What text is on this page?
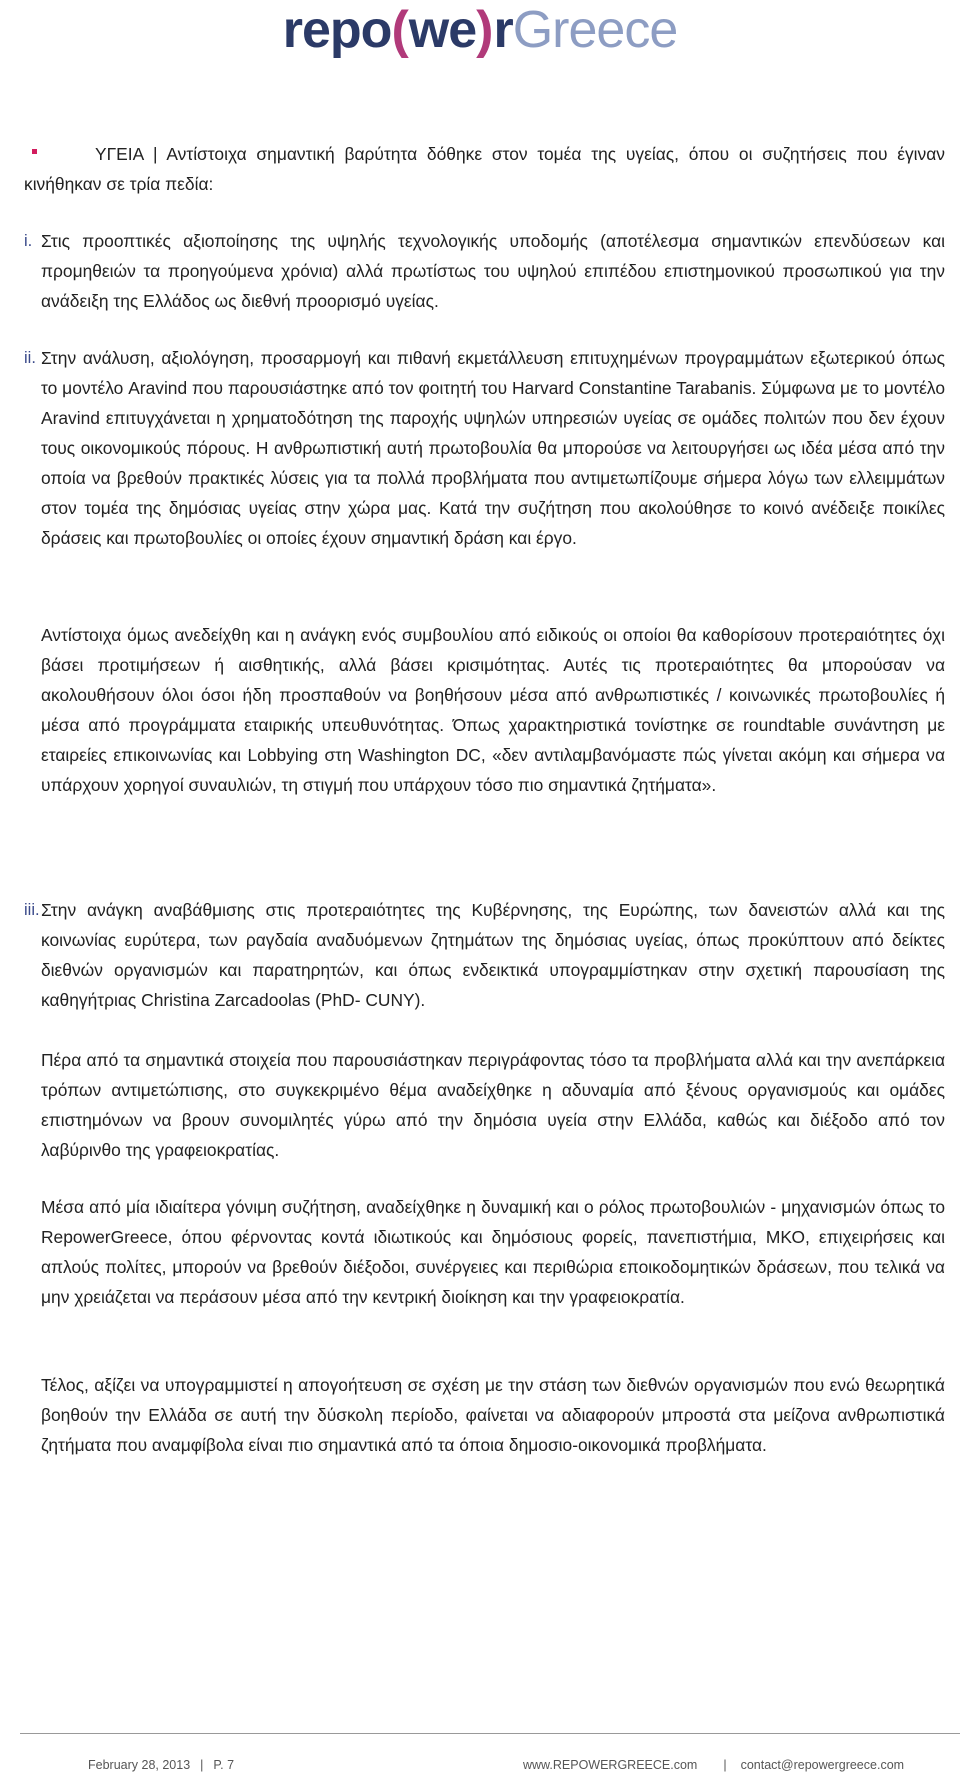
repo(we)rGreece
ΥΓΕΙΑ | Αντίστοιχα σημαντική βαρύτητα δόθηκε στον τομέα της υγείας, όπου οι συζητήσεις που έγιναν κινήθηκαν σε τρία πεδία:
i. Στις προοπτικές αξιοποίησης της υψηλής τεχνολογικής υποδομής (αποτέλεσμα σημαντικών επενδύσεων και προμηθειών τα προηγούμενα χρόνια) αλλά πρωτίστως του υψηλού επιπέδου επιστημονικού προσωπικού για την ανάδειξη της Ελλάδος ως διεθνή προορισμό υγείας.
ii. Στην ανάλυση, αξιολόγηση, προσαρμογή και πιθανή εκμετάλλευση επιτυχημένων προγραμμάτων εξωτερικού όπως το μοντέλο Aravind που παρουσιάστηκε από τον φοιτητή του Harvard Constantine Tarabanis. Σύμφωνα με το μοντέλο Aravind επιτυγχάνεται η χρηματοδότηση της παροχής υψηλών υπηρεσιών υγείας σε ομάδες πολιτών που δεν έχουν τους οικονομικούς πόρους. Η ανθρωπιστική αυτή πρωτοβουλία θα μπορούσε να λειτουργήσει ως ιδέα μέσα από την οποία να βρεθούν πρακτικές λύσεις για τα πολλά προβλήματα που αντιμετωπίζουμε σήμερα λόγω των ελλειμμάτων στον τομέα της δημόσιας υγείας στην χώρα μας. Κατά την συζήτηση που ακολούθησε το κοινό ανέδειξε ποικίλες δράσεις και πρωτοβουλίες οι οποίες έχουν σημαντική δράση και έργο.
Αντίστοιχα όμως ανεδείχθη και η ανάγκη ενός συμβουλίου από ειδικούς οι οποίοι θα καθορίσουν προτεραιότητες όχι βάσει προτιμήσεων ή αισθητικής, αλλά βάσει κρισιμότητας. Αυτές τις προτεραιότητες θα μπορούσαν να ακολουθήσουν όλοι όσοι ήδη προσπαθούν να βοηθήσουν μέσα από ανθρωπιστικές / κοινωνικές πρωτοβουλίες ή μέσα από προγράμματα εταιρικής υπευθυνότητας. Όπως χαρακτηριστικά τονίστηκε σε roundtable συνάντηση με εταιρείες επικοινωνίας και Lobbying στη Washington DC, «δεν αντιλαμβανόμαστε πώς γίνεται ακόμη και σήμερα να υπάρχουν χορηγοί συναυλιών, τη στιγμή που υπάρχουν τόσο πιο σημαντικά ζητήματα».
iii. Στην ανάγκη αναβάθμισης στις προτεραιότητες της Κυβέρνησης, της Ευρώπης, των δανειστών αλλά και της κοινωνίας ευρύτερα, των ραγδαία αναδυόμενων ζητημάτων της δημόσιας υγείας, όπως προκύπτουν από δείκτες διεθνών οργανισμών και παρατηρητών, και όπως ενδεικτικά υπογραμμίστηκαν στην σχετική παρουσίαση της καθηγήτριας Christina Zarcadoolas (PhD- CUNY).
Πέρα από τα σημαντικά στοιχεία που παρουσιάστηκαν περιγράφοντας τόσο τα προβλήματα αλλά και την ανεπάρκεια τρόπων αντιμετώπισης, στο συγκεκριμένο θέμα αναδείχθηκε η αδυναμία από ξένους οργανισμούς και ομάδες επιστημόνων να βρουν συνομιλητές γύρω από την δημόσια υγεία στην Ελλάδα, καθώς και διέξοδο από τον λαβύρινθο της γραφειοκρατίας.
Μέσα από μία ιδιαίτερα γόνιμη συζήτηση, αναδείχθηκε η δυναμική και ο ρόλος πρωτοβουλιών - μηχανισμών όπως το RepowerGreece, όπου φέρνοντας κοντά ιδιωτικούς και δημόσιους φορείς, πανεπιστήμια, ΜΚΟ, επιχειρήσεις και απλούς πολίτες, μπορούν να βρεθούν διέξοδοι, συνέργειες και περιθώρια εποικοδομητικών δράσεων, που τελικά να μην χρειάζεται να περάσουν μέσα από την κεντρική διοίκηση και την γραφειοκρατία.
Τέλος, αξίζει να υπογραμμιστεί η απογοήτευση σε σχέση με την στάση των διεθνών οργανισμών που ενώ θεωρητικά βοηθούν την Ελλάδα σε αυτή την δύσκολη περίοδο, φαίνεται να αδιαφορούν μπροστά στα μείζονα ανθρωπιστικά ζητήματα που αναμφίβολα είναι πιο σημαντικά από τα όποια δημοσιο-οικονομικά προβλήματα.
February 28, 2013 | P. 7	www.REPOWERGREECE.com | contact@repowergreece.com
